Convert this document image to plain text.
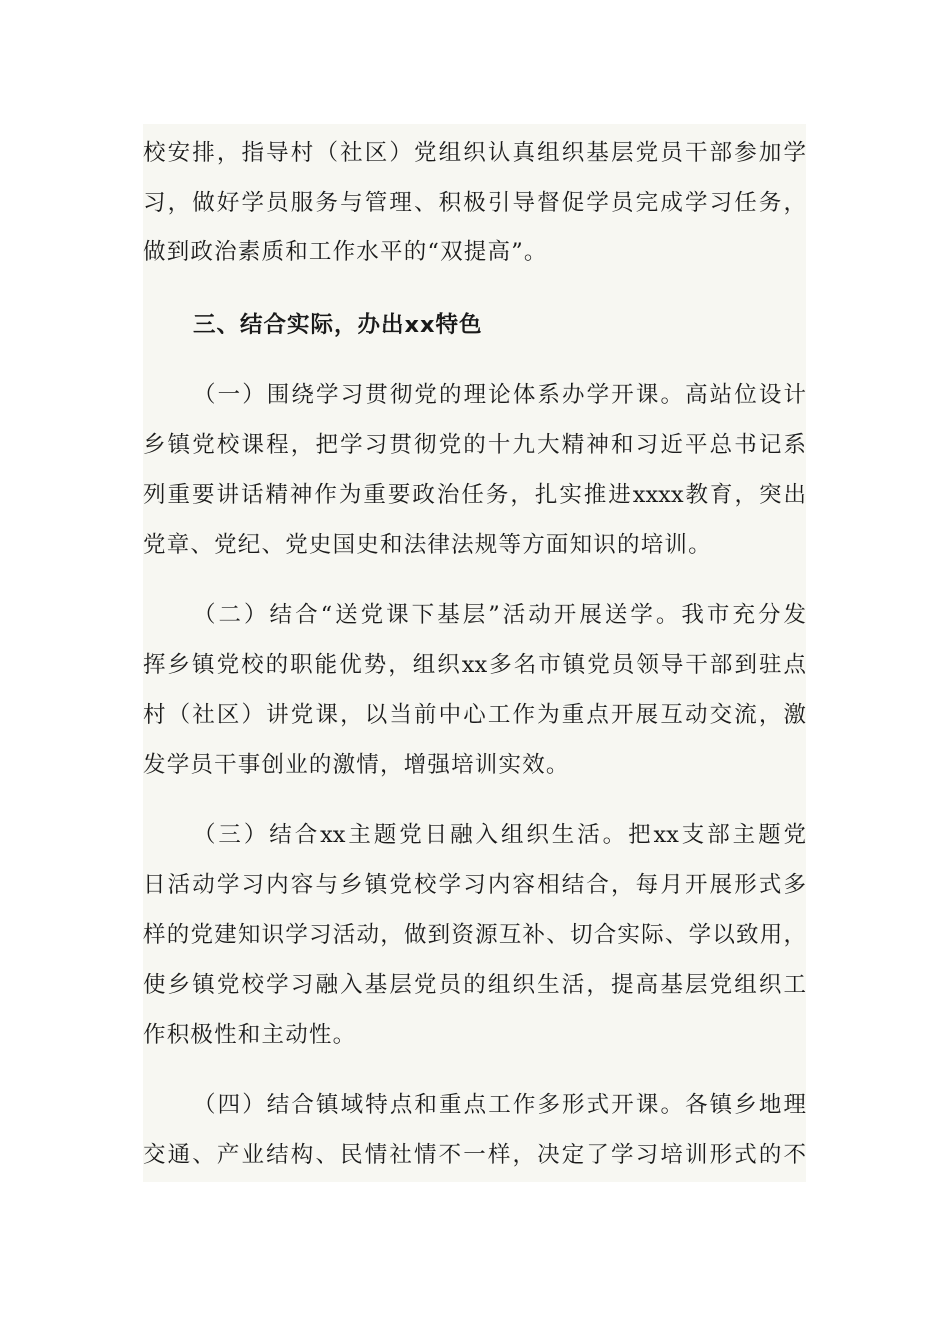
校安排，指导村（社区）党组织认真组织基层党员干部参加学
习，做好学员服务与管理、积极引导督促学员完成学习任务，
做到政治素质和工作水平的“双提高”。
三、结合实际，办出xx特色
（一）围绕学习贯彻党的理论体系办学开课。高站位设计
乡镇党校课程，把学习贯彻党的十九大精神和习近平总书记系
列重要讲话精神作为重要政治任务，扎实推进xxxx教育，突出
党章、党纪、党史国史和法律法规等方面知识的培训。
（二）结合“送党课下基层”活动开展送学。我市充分发
挥乡镇党校的职能优势，组织xx多名市镇党员领导干部到驻点
村（社区）讲党课，以当前中心工作为重点开展互动交流，激
发学员干事创业的激情，增强培训实效。
（三）结合xx主题党日融入组织生活。把xx支部主题党
日活动学习内容与乡镇党校学习内容相结合，每月开展形式多
样的党建知识学习活动，做到资源互补、切合实际、学以致用，
使乡镇党校学习融入基层党员的组织生活，提高基层党组织工
作积极性和主动性。
（四）结合镇域特点和重点工作多形式开课。各镇乡地理
交通、产业结构、民情社情不一样，决定了学习培训形式的不
